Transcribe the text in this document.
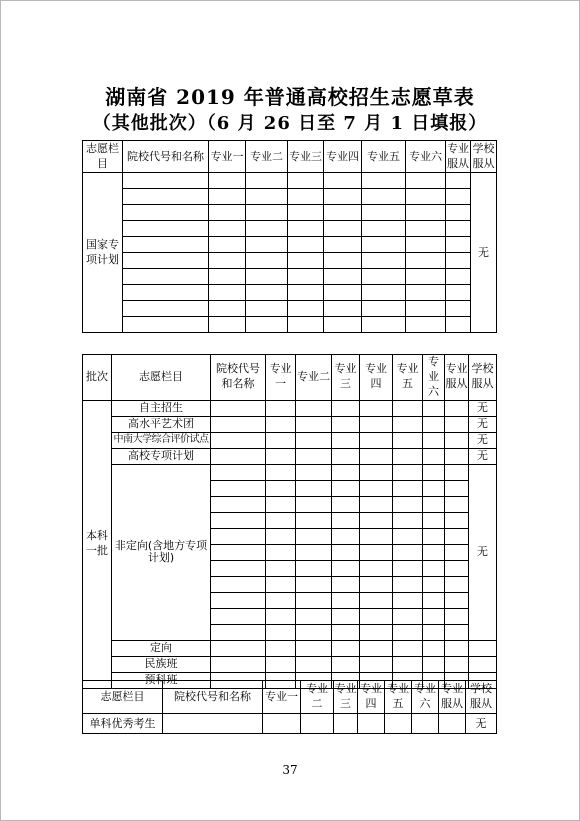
湖南省 2019 年普通高校招生志愿草表
（其他批次）（6 月 26 日至 7 月 1 日填报）
志愿栏目	院校代号和名称	专业一	专业二	专业三	专业四	专业五	专业六	专业服从	学校服从
国家专项计划									无

批次	志愿栏目	院校代号和名称	专业一	专业二	专业三	专业四	专业五	专业六	专业服从	学校服从
本科一批	自主招生									无
	高水平艺术团									无
	中南大学综合评价试点									无
	高校专项计划									无
	非定向(含地方专项计划)									无

	定向									
	民族班									
	预科班									
志愿栏目	院校代号和名称	专业一	专业二	专业三	专业四	专业五	专业六	专业服从	学校服从
单科优秀考生									无
37
